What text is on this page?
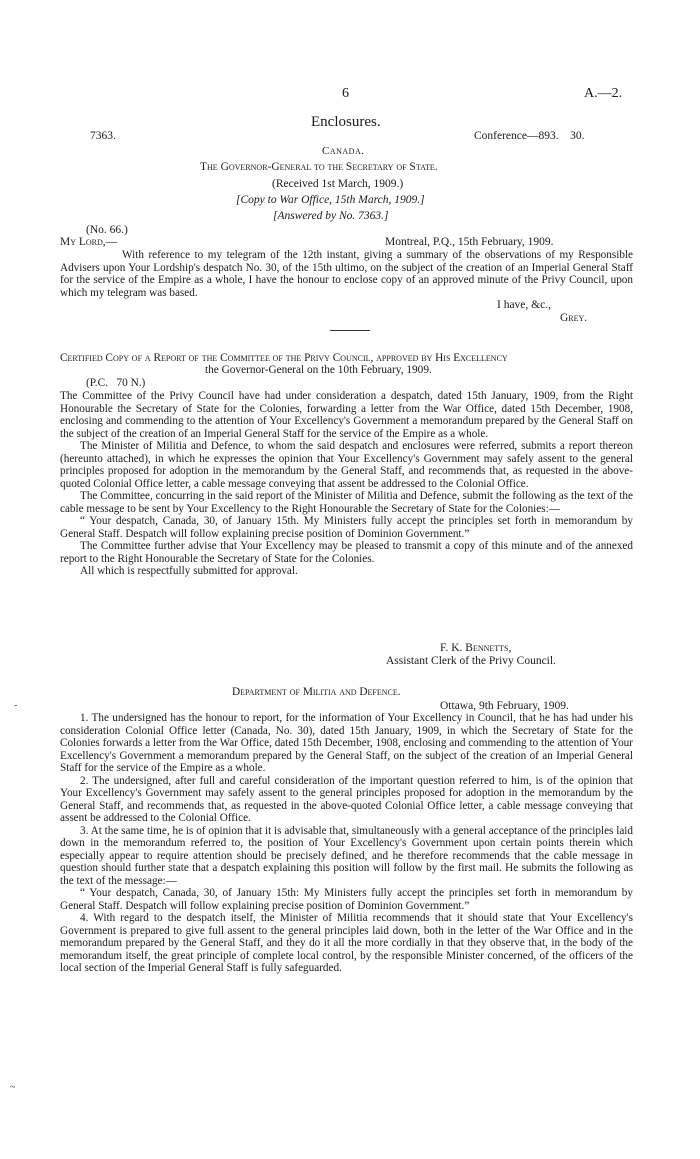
6	A.—2.
Enclosures.
7363.	Conference—893.    30.
Canada.
The Governor-General to the Secretary of State.
(Received 1st March, 1909.)
[Copy to War Office, 15th March, 1909.]
[Answered by No. 7363.]
(No. 66.)
My Lord,—	Montreal, P.Q., 15th February, 1909.

With reference to my telegram of the 12th instant, giving a summary of the observations of my Responsible Advisers upon Your Lordship's despatch No. 30, of the 15th ultimo, on the subject of the creation of an Imperial General Staff for the service of the Empire as a whole, I have the honour to enclose copy of an approved minute of the Privy Council, upon which my telegram was based.

I have, &c.,
Grey.
Certified Copy of a Report of the Committee of the Privy Council, approved by His Excellency
the Governor-General on the 10th February, 1909.
(P.C.   70 N.)

The Committee of the Privy Council have had under consideration a despatch, dated 15th January, 1909, from the Right Honourable the Secretary of State for the Colonies, forwarding a letter from the War Office, dated 15th December, 1908, enclosing and commending to the attention of Your Excellency's Government a memorandum prepared by the General Staff on the subject of the creation of an Imperial General Staff for the service of the Empire as a whole.

The Minister of Militia and Defence, to whom the said despatch and enclosures were referred, submits a report thereon (hereunto attached), in which he expresses the opinion that Your Excellency's Government may safely assent to the general principles proposed for adoption in the memorandum by the General Staff, and recommends that, as requested in the above-quoted Colonial Office letter, a cable message conveying that assent be addressed to the Colonial Office.

The Committee, concurring in the said report of the Minister of Militia and Defence, submit the following as the text of the cable message to be sent by Your Excellency to the Right Honourable the Secretary of State for the Colonies:—

“ Your despatch, Canada, 30, of January 15th. My Ministers fully accept the principles set forth in memorandum by General Staff. Despatch will follow explaining precise position of Dominion Government.”

The Committee further advise that Your Excellency may be pleased to transmit a copy of this minute and of the annexed report to the Right Honourable the Secretary of State for the Colonies.

All which is respectfully submitted for approval.

F. K. Bennetts,
Assistant Clerk of the Privy Council.
Department of Militia and Defence.
Ottawa, 9th February, 1909.

1. The undersigned has the honour to report, for the information of Your Excellency in Council, that he has had under his consideration Colonial Office letter (Canada, No. 30), dated 15th January, 1909, in which the Secretary of State for the Colonies forwards a letter from the War Office, dated 15th December, 1908, enclosing and commending to the attention of Your Excellency's Government a memorandum prepared by the General Staff, on the subject of the creation of an Imperial General Staff for the service of the Empire as a whole.

2. The undersigned, after full and careful consideration of the important question referred to him, is of the opinion that Your Excellency's Government may safely assent to the general principles proposed for adoption in the memorandum by the General Staff, and recommends that, as requested in the above-quoted Colonial Office letter, a cable message conveying that assent be addressed to the Colonial Office.

3. At the same time, he is of opinion that it is advisable that, simultaneously with a general acceptance of the principles laid down in the memorandum referred to, the position of Your Excellency's Government upon certain points therein which especially appear to require attention should be precisely defined, and he therefore recommends that the cable message in question should further state that a despatch explaining this position will follow by the first mail. He submits the following as the text of the message:—

“ Your despatch, Canada, 30, of January 15th: My Ministers fully accept the principles set forth in memorandum by General Staff. Despatch will follow explaining precise position of Dominion Government.”

4. With regard to the despatch itself, the Minister of Militia recommends that it should state that Your Excellency's Government is prepared to give full assent to the general principles laid down, both in the letter of the War Office and in the memorandum prepared by the General Staff, and they do it all the more cordially in that they observe that, in the body of the memorandum itself, the great principle of complete local control, by the responsible Minister concerned, of the officers of the local section of the Imperial General Staff is fully safeguarded.

-
~
